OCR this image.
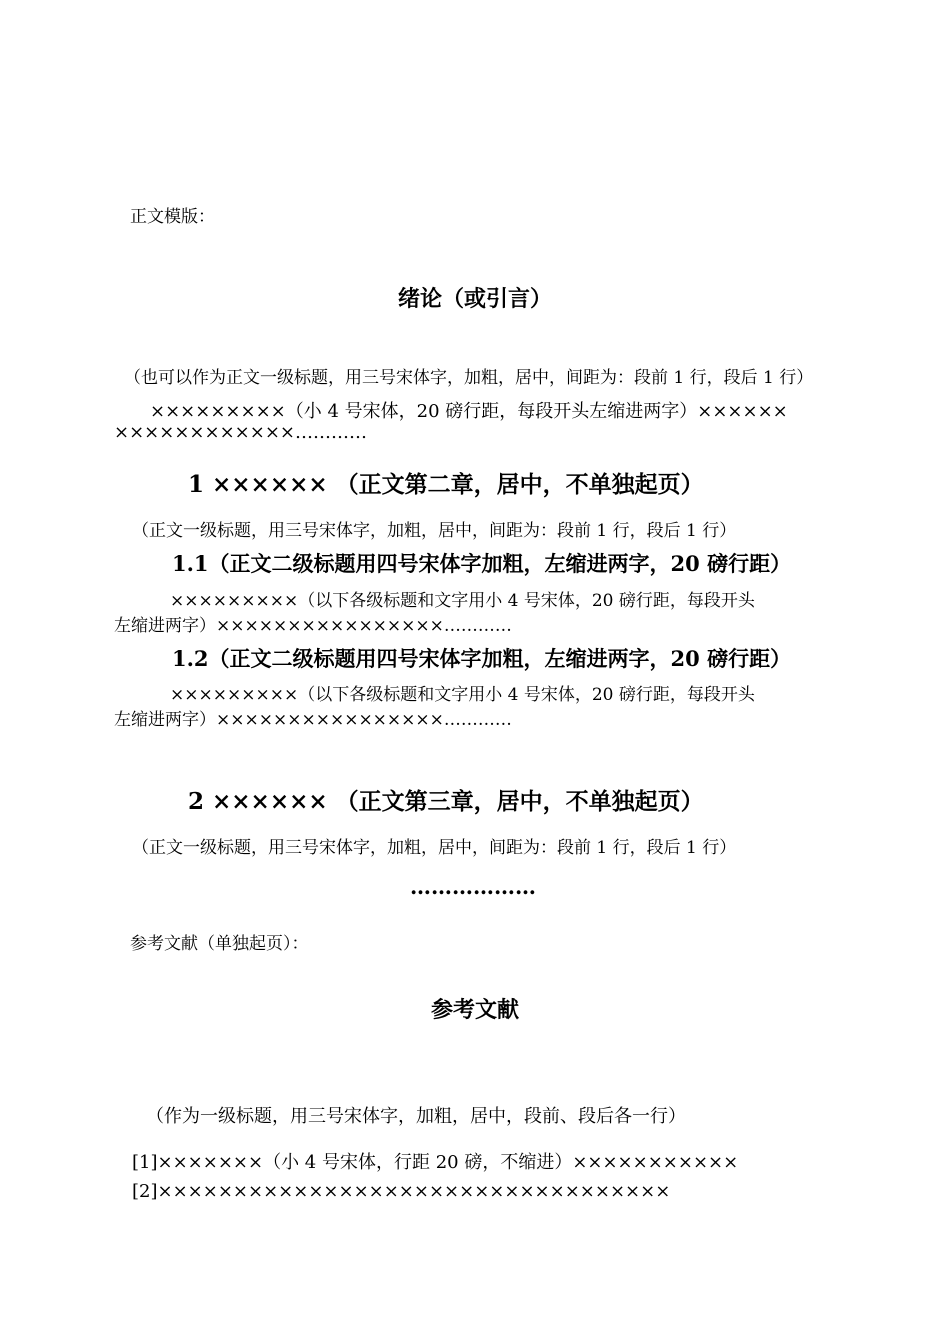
正文模版：
绪论（或引言）
（也可以作为正文一级标题，用三号宋体字，加粗，居中，间距为：段前 1 行，段后 1 行）
×××××××××（小 4 号宋体，20 磅行距，每段开头左缩进两字）××××××
××××××××××××…………
1 ×××××× （正文第二章，居中，不单独起页）
（正文一级标题，用三号宋体字，加粗，居中，间距为：段前 1 行，段后 1 行）
1.1（正文二级标题用四号宋体字加粗，左缩进两字，20 磅行距）
×××××××××（以下各级标题和文字用小 4 号宋体，20 磅行距，每段开头
左缩进两字）××××××××××××××××…………
1.2（正文二级标题用四号宋体字加粗，左缩进两字，20 磅行距）
×××××××××（以下各级标题和文字用小 4 号宋体，20 磅行距，每段开头
左缩进两字）××××××××××××××××…………
2 ×××××× （正文第三章，居中，不单独起页）
（正文一级标题，用三号宋体字，加粗，居中，间距为：段前 1 行，段后 1 行）
………………
参考文献（单独起页）：
参考文献
（作为一级标题，用三号宋体字，加粗，居中，段前、段后各一行）
[1]×××××××（小 4 号宋体，行距 20 磅，不缩进）×××××××××××
[2]××××××××××××××××××××××××××××××××××
